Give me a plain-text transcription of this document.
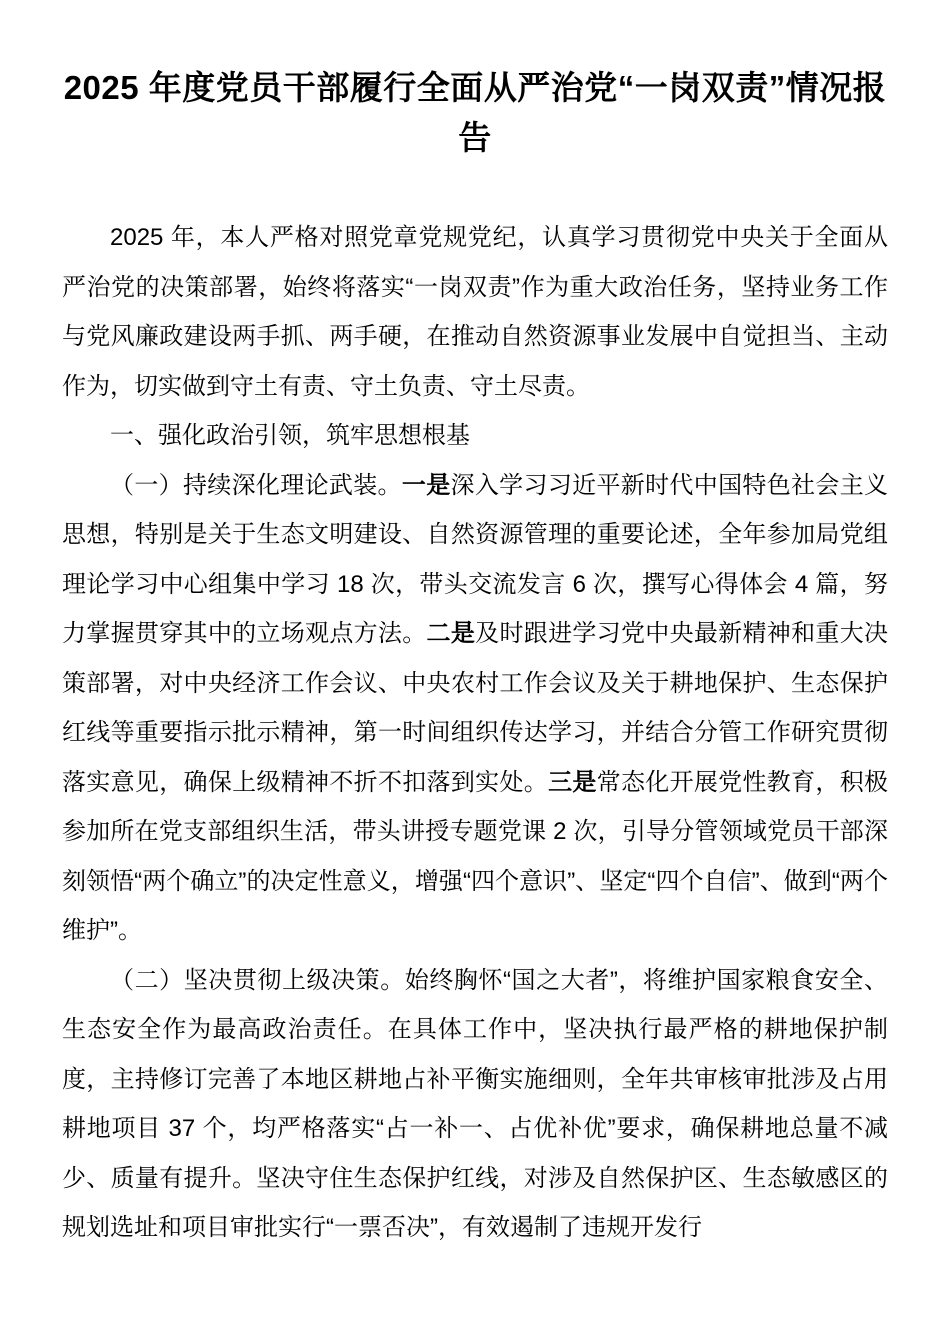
2025 年度党员干部履行全面从严治党“一岗双责”情况报告

2025 年，本人严格对照党章党规党纪，认真学习贯彻党中央关于全面从严治党的决策部署，始终将落实“一岗双责”作为重大政治任务，坚持业务工作与党风廉政建设两手抓、两手硬，在推动自然资源事业发展中自觉担当、主动作为，切实做到守土有责、守土负责、守土尽责。

一、强化政治引领，筑牢思想根基

（一）持续深化理论武装。一是深入学习习近平新时代中国特色社会主义思想，特别是关于生态文明建设、自然资源管理的重要论述，全年参加局党组理论学习中心组集中学习 18 次，带头交流发言 6 次，撰写心得体会 4 篇，努力掌握贯穿其中的立场观点方法。二是及时跟进学习党中央最新精神和重大决策部署，对中央经济工作会议、中央农村工作会议及关于耕地保护、生态保护红线等重要指示批示精神，第一时间组织传达学习，并结合分管工作研究贯彻落实意见，确保上级精神不折不扣落到实处。三是常态化开展党性教育，积极参加所在党支部组织生活，带头讲授专题党课 2 次，引导分管领域党员干部深刻领悟“两个确立”的决定性意义，增强“四个意识”、坚定“四个自信”、做到“两个维护”。

（二）坚决贯彻上级决策。始终胸怀“国之大者”，将维护国家粮食安全、生态安全作为最高政治责任。在具体工作中，坚决执行最严格的耕地保护制度，主持修订完善了本地区耕地占补平衡实施细则，全年共审核审批涉及占用耕地项目 37 个，均严格落实“占一补一、占优补优”要求，确保耕地总量不减少、质量有提升。坚决守住生态保护红线，对涉及自然保护区、生态敏感区的规划选址和项目审批实行“一票否决”，有效遏制了违规开发行
